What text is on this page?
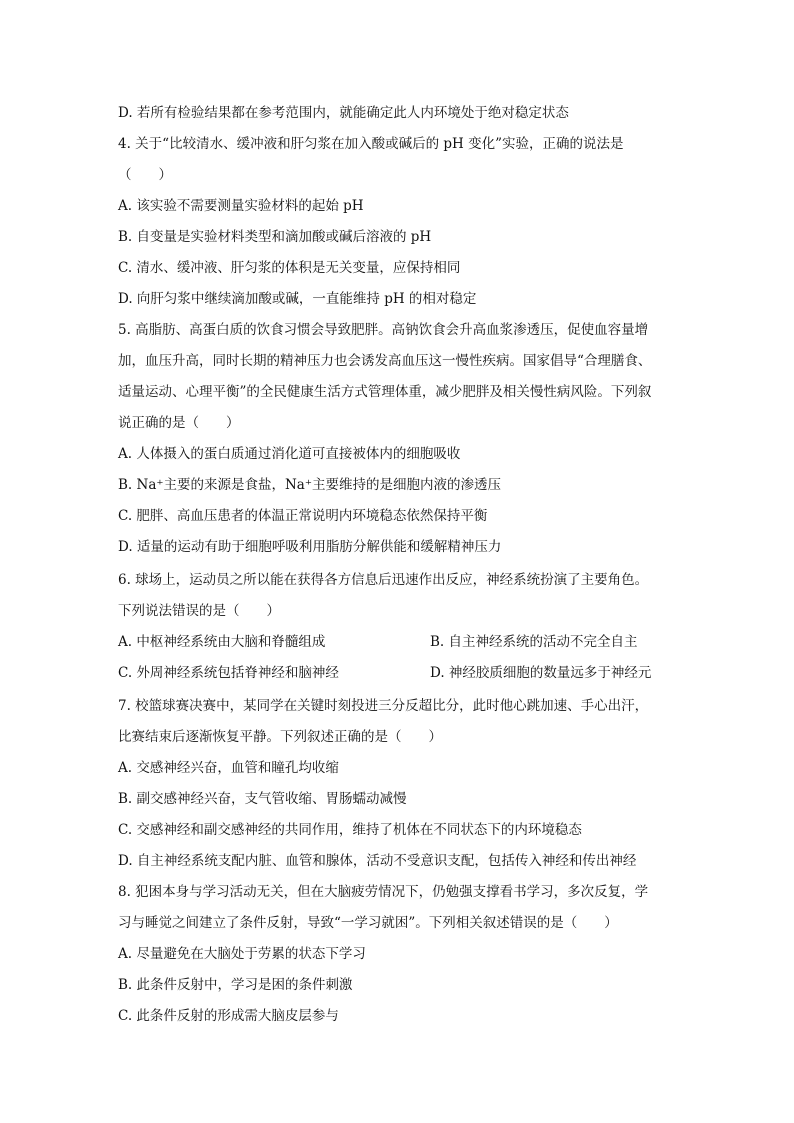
D. 若所有检验结果都在参考范围内，就能确定此人内环境处于绝对稳定状态
4. 关于“比较清水、缓冲液和肝匀浆在加入酸或碱后的 pH 变化”实验，正确的说法是
（　　）
A. 该实验不需要测量实验材料的起始 pH
B. 自变量是实验材料类型和滴加酸或碱后溶液的 pH
C. 清水、缓冲液、肝匀浆的体积是无关变量，应保持相同
D. 向肝匀浆中继续滴加酸或碱，一直能维持 pH 的相对稳定
5. 高脂肪、高蛋白质的饮食习惯会导致肥胖。高钠饮食会升高血浆渗透压，促使血容量增
加，血压升高，同时长期的精神压力也会诱发高血压这一慢性疾病。国家倡导“合理膳食、
适量运动、心理平衡”的全民健康生活方式管理体重，减少肥胖及相关慢性病风险。下列叙
说正确的是（　　）
A. 人体摄入的蛋白质通过消化道可直接被体内的细胞吸收
B. Na⁺主要的来源是食盐，Na⁺主要维持的是细胞内液的渗透压
C. 肥胖、高血压患者的体温正常说明内环境稳态依然保持平衡
D. 适量的运动有助于细胞呼吸利用脂肪分解供能和缓解精神压力
6. 球场上，运动员之所以能在获得各方信息后迅速作出反应，神经系统扮演了主要角色。
下列说法错误的是（　　）
A. 中枢神经系统由大脑和脊髓组成	B. 自主神经系统的活动不完全自主
C. 外周神经系统包括脊神经和脑神经	D. 神经胶质细胞的数量远多于神经元
7. 校篮球赛决赛中，某同学在关键时刻投进三分反超比分，此时他心跳加速、手心出汗，
比赛结束后逐渐恢复平静。下列叙述正确的是（　　）
A. 交感神经兴奋，血管和瞳孔均收缩
B. 副交感神经兴奋，支气管收缩、胃肠蠕动减慢
C. 交感神经和副交感神经的共同作用，维持了机体在不同状态下的内环境稳态
D. 自主神经系统支配内脏、血管和腺体，活动不受意识支配，包括传入神经和传出神经
8. 犯困本身与学习活动无关，但在大脑疲劳情况下，仍勉强支撑看书学习，多次反复，学
习与睡觉之间建立了条件反射，导致“一学习就困”。下列相关叙述错误的是（　　）
A. 尽量避免在大脑处于劳累的状态下学习
B. 此条件反射中，学习是困的条件刺激
C. 此条件反射的形成需大脑皮层参与
